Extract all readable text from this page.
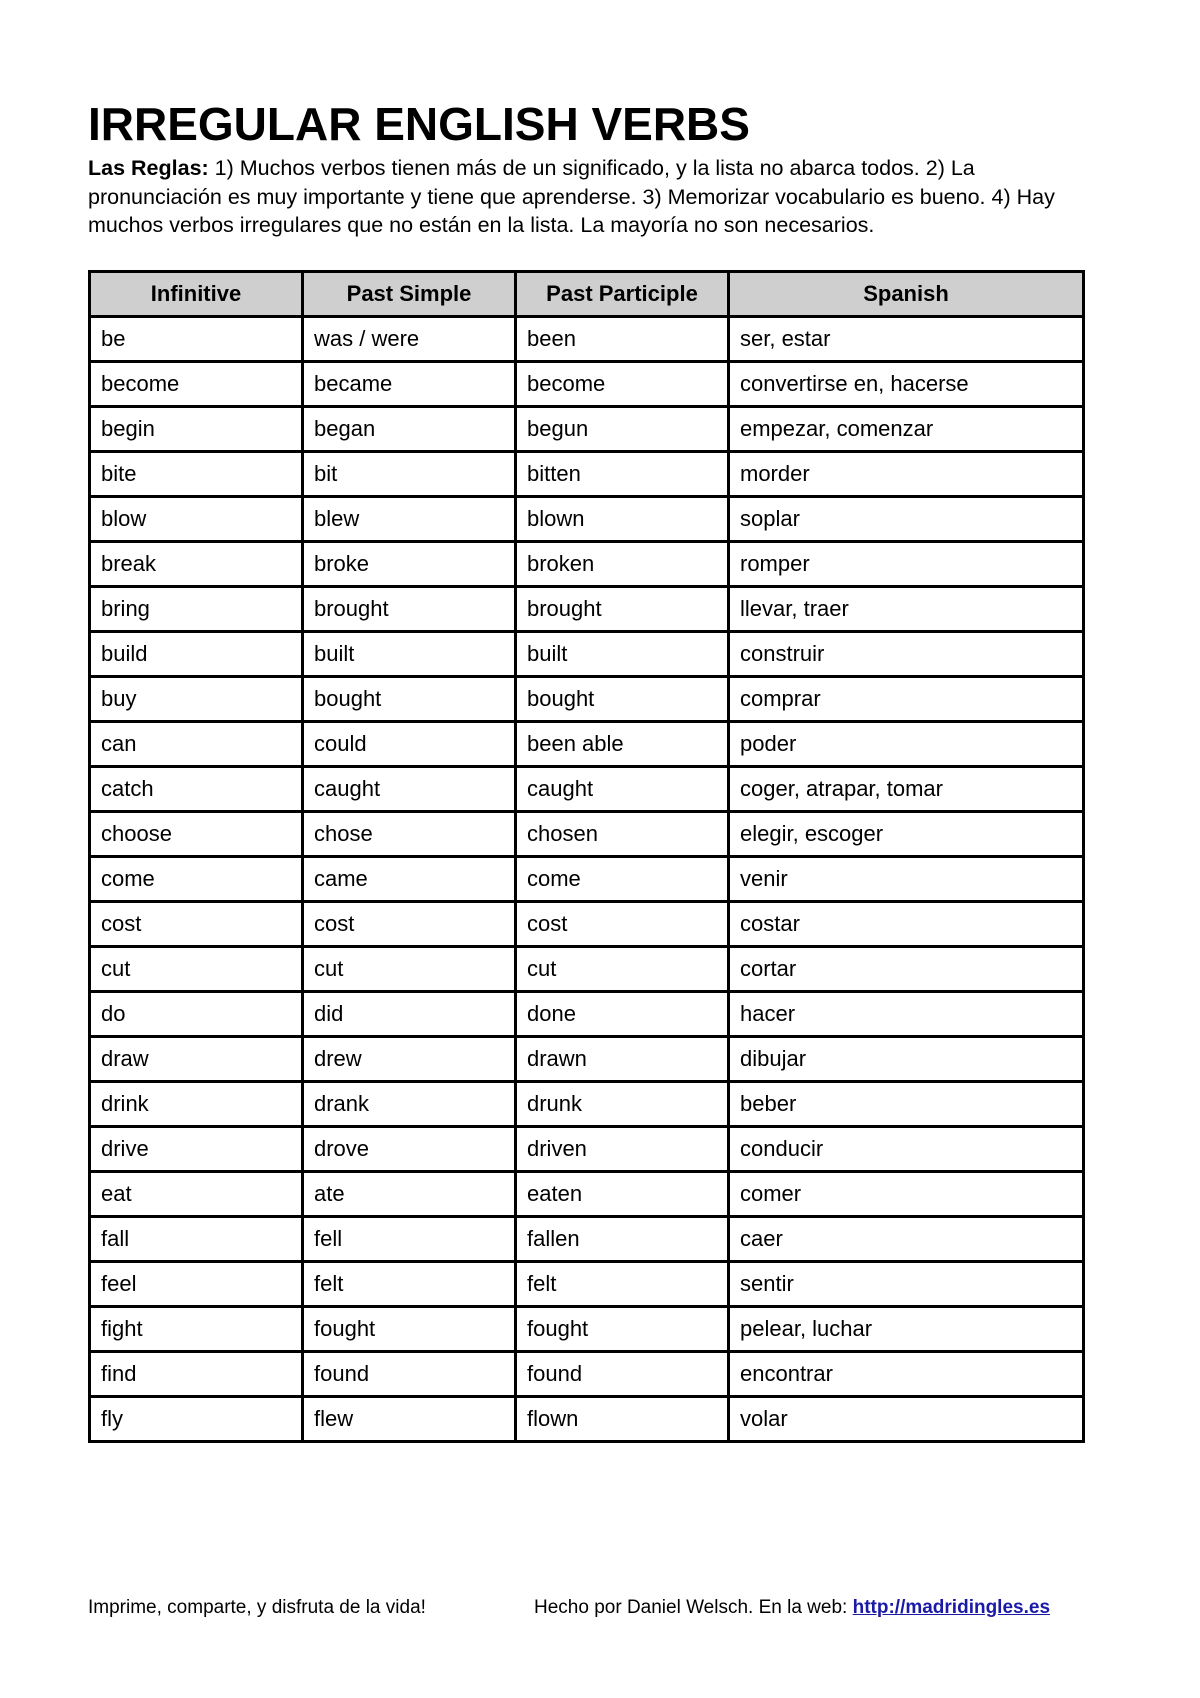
IRREGULAR ENGLISH VERBS

Las Reglas: 1) Muchos verbos tienen más de un significado, y la lista no abarca todos. 2) La pronunciación es muy importante y tiene que aprenderse. 3) Memorizar vocabulario es bueno. 4) Hay muchos verbos irregulares que no están en la lista. La mayoría no son necesarios.

Infinitive	Past Simple	Past Participle	Spanish
be	was / were	been	ser, estar
become	became	become	convertirse en, hacerse
begin	began	begun	empezar, comenzar
bite	bit	bitten	morder
blow	blew	blown	soplar
break	broke	broken	romper
bring	brought	brought	llevar, traer
build	built	built	construir
buy	bought	bought	comprar
can	could	been able	poder
catch	caught	caught	coger, atrapar, tomar
choose	chose	chosen	elegir, escoger
come	came	come	venir
cost	cost	cost	costar
cut	cut	cut	cortar
do	did	done	hacer
draw	drew	drawn	dibujar
drink	drank	drunk	beber
drive	drove	driven	conducir
eat	ate	eaten	comer
fall	fell	fallen	caer
feel	felt	felt	sentir
fight	fought	fought	pelear, luchar
find	found	found	encontrar
fly	flew	flown	volar
Imprime, comparte, y disfruta de la vida!	Hecho por Daniel Welsch. En la web: http://madridingles.es
